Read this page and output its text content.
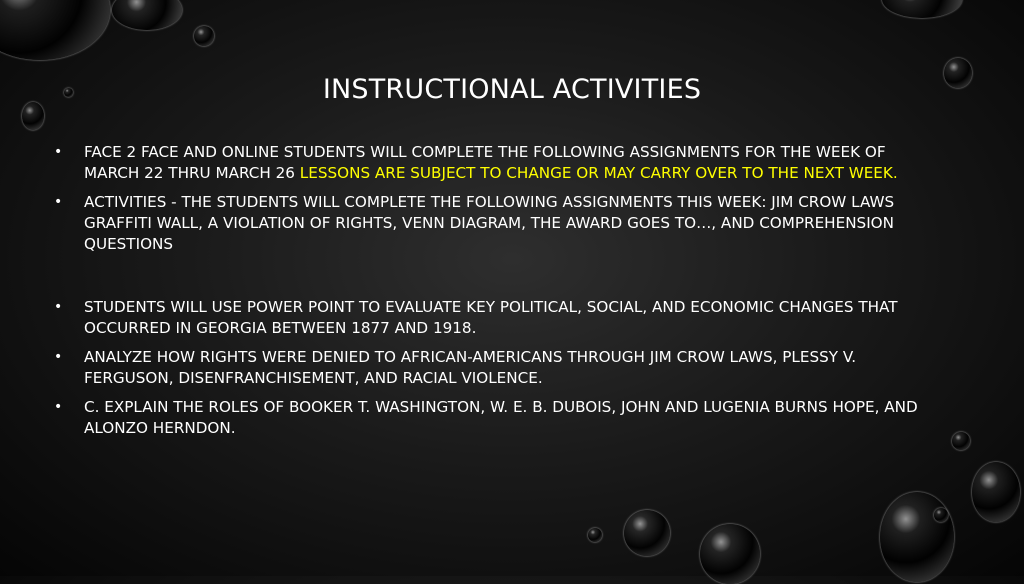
INSTRUCTIONAL ACTIVITIES
• FACE 2 FACE AND ONLINE STUDENTS WILL COMPLETE THE FOLLOWING ASSIGNMENTS FOR THE WEEK OF MARCH 22 THRU MARCH 26 LESSONS ARE SUBJECT TO CHANGE OR MAY CARRY OVER TO THE NEXT WEEK.
• ACTIVITIES - THE STUDENTS WILL COMPLETE THE FOLLOWING ASSIGNMENTS THIS WEEK: JIM CROW LAWS GRAFFITI WALL, A VIOLATION OF RIGHTS, VENN DIAGRAM, THE AWARD GOES TO…, AND COMPREHENSION QUESTIONS
• STUDENTS WILL USE POWER POINT TO EVALUATE KEY POLITICAL, SOCIAL, AND ECONOMIC CHANGES THAT OCCURRED IN GEORGIA BETWEEN 1877 AND 1918.
• ANALYZE HOW RIGHTS WERE DENIED TO AFRICAN-AMERICANS THROUGH JIM CROW LAWS, PLESSY V. FERGUSON, DISENFRANCHISEMENT, AND RACIAL VIOLENCE.
• C. EXPLAIN THE ROLES OF BOOKER T. WASHINGTON, W. E. B. DUBOIS, JOHN AND LUGENIA BURNS HOPE, AND ALONZO HERNDON.
